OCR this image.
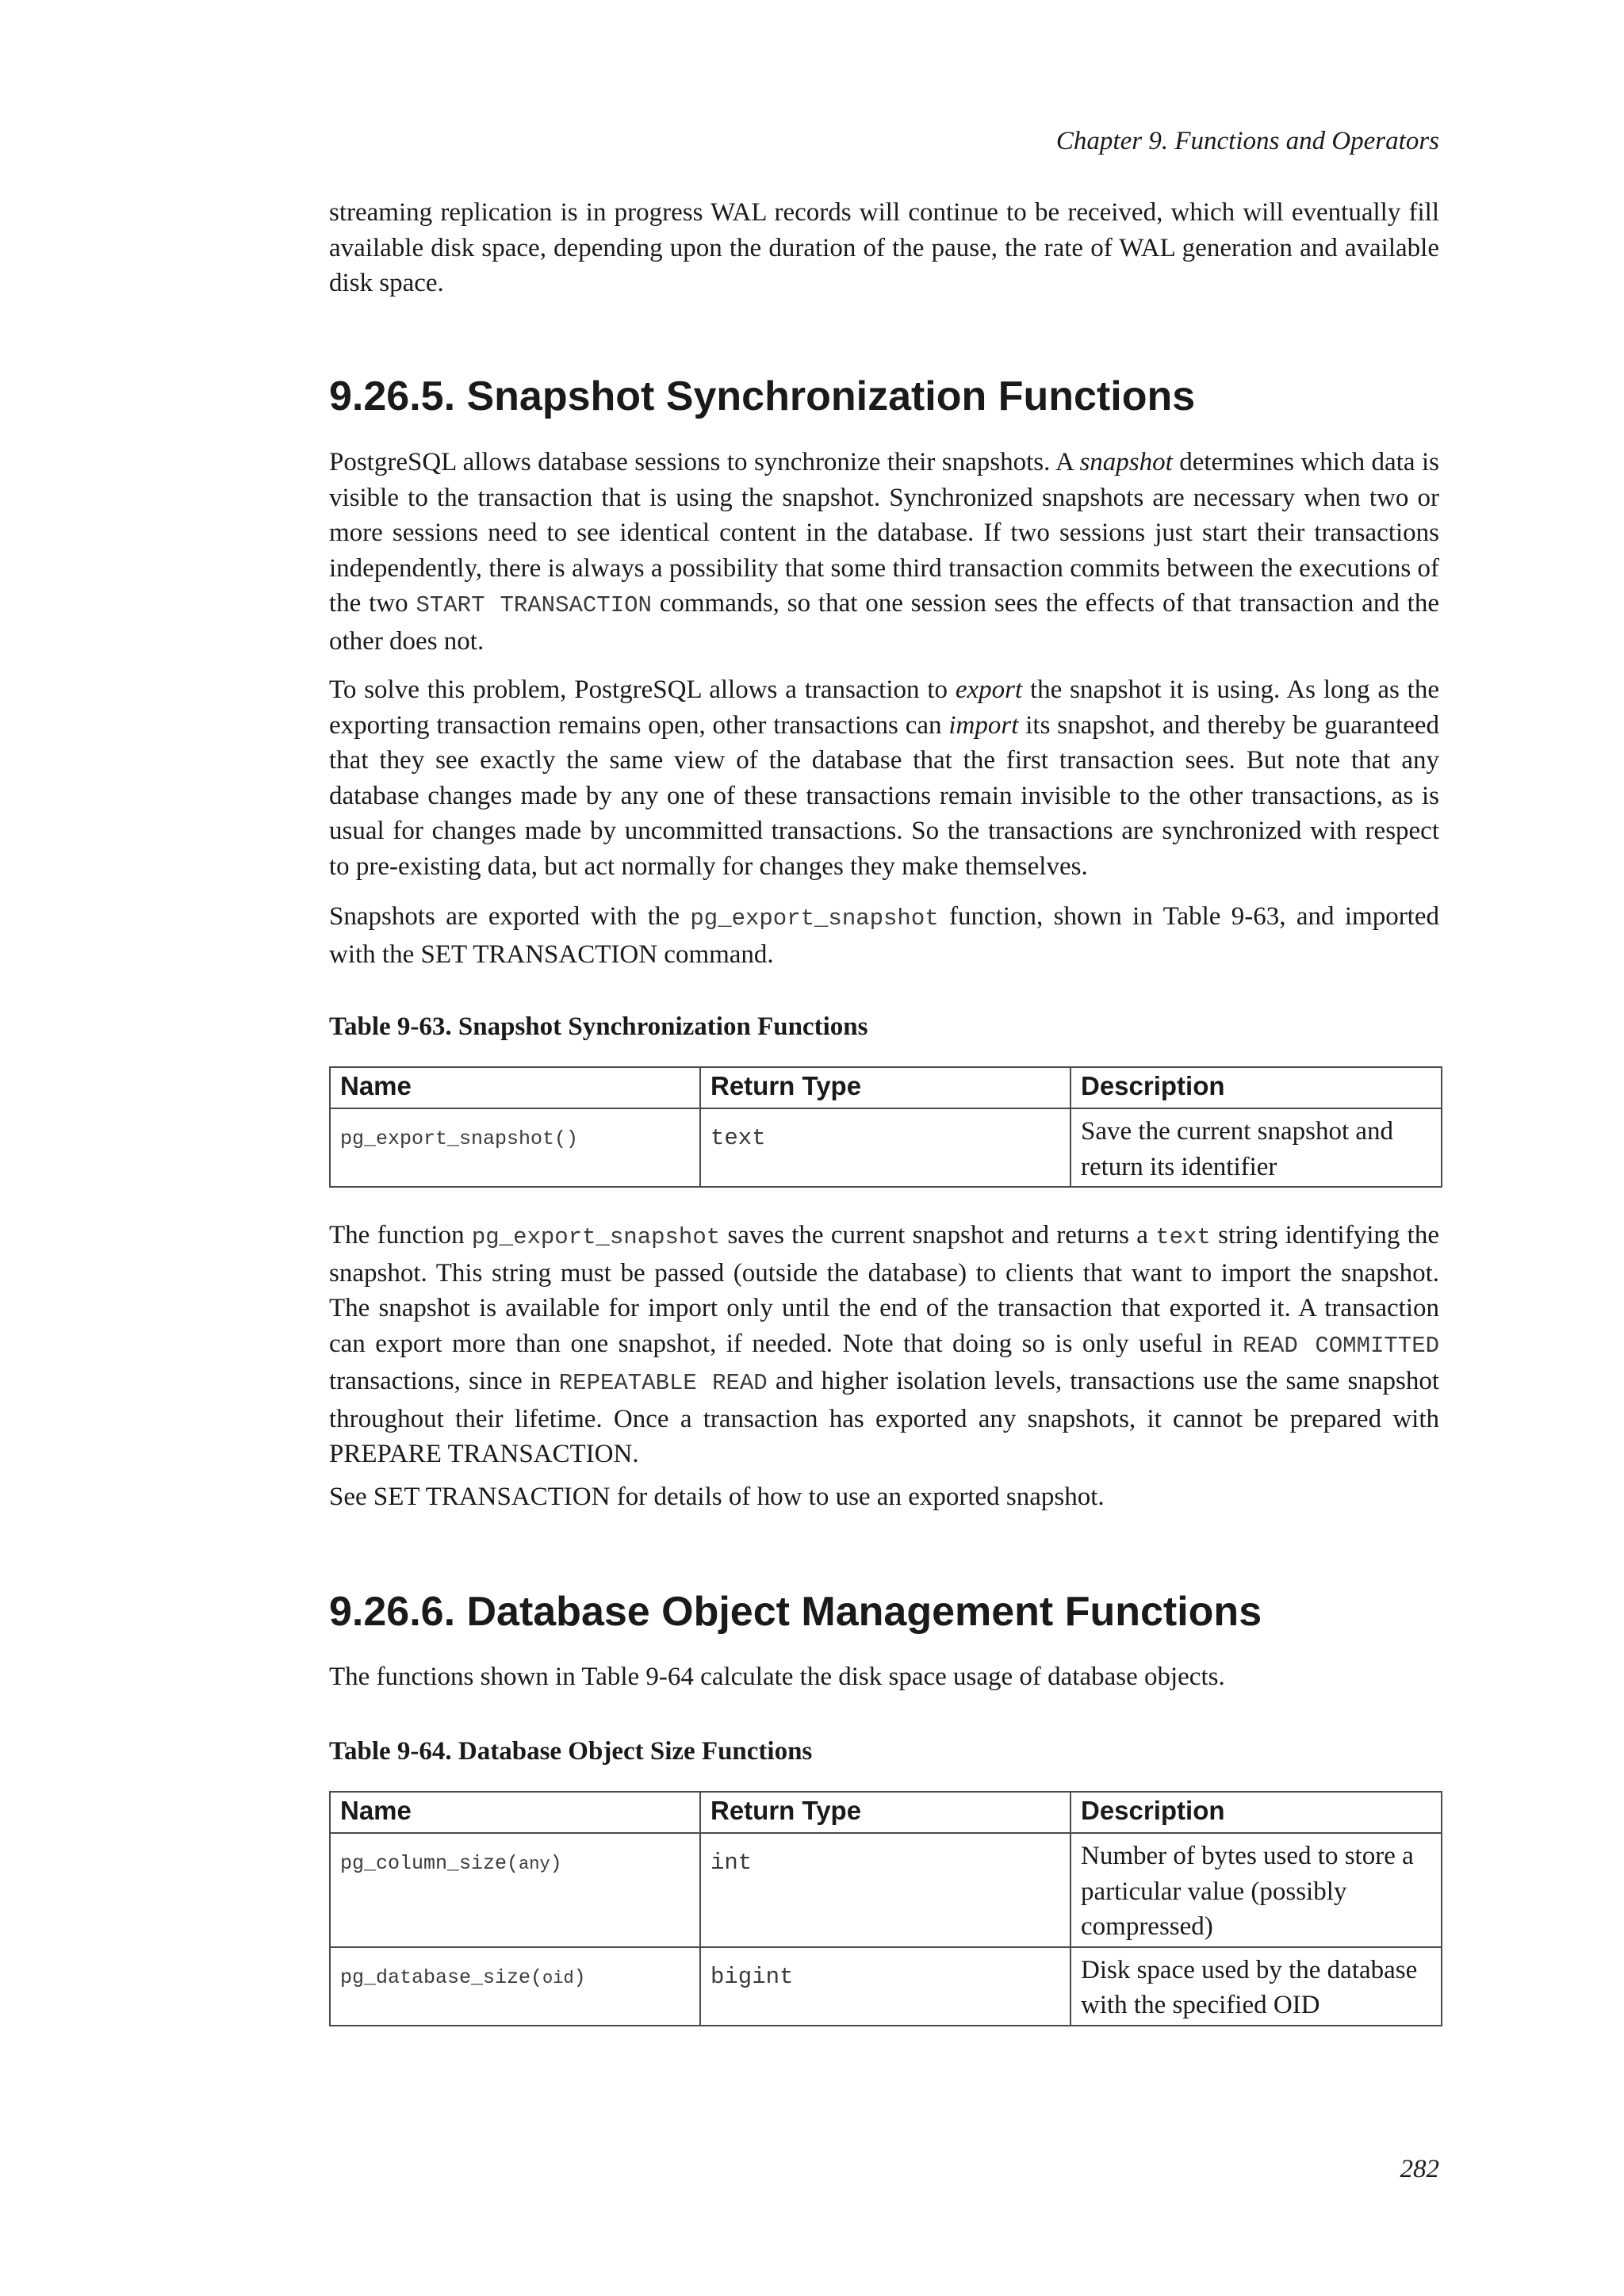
Chapter 9. Functions and Operators

streaming replication is in progress WAL records will continue to be received, which will eventually fill available disk space, depending upon the duration of the pause, the rate of WAL generation and available disk space.

9.26.5. Snapshot Synchronization Functions

PostgreSQL allows database sessions to synchronize their snapshots. A snapshot determines which data is visible to the transaction that is using the snapshot. Synchronized snapshots are necessary when two or more sessions need to see identical content in the database. If two sessions just start their transactions independently, there is always a possibility that some third transaction commits between the executions of the two START TRANSACTION commands, so that one session sees the effects of that transaction and the other does not.

To solve this problem, PostgreSQL allows a transaction to export the snapshot it is using. As long as the exporting transaction remains open, other transactions can import its snapshot, and thereby be guaranteed that they see exactly the same view of the database that the first transaction sees. But note that any database changes made by any one of these transactions remain invisible to the other transactions, as is usual for changes made by uncommitted transactions. So the transactions are synchronized with respect to pre-existing data, but act normally for changes they make themselves.

Snapshots are exported with the pg_export_snapshot function, shown in Table 9-63, and imported with the SET TRANSACTION command.

Table 9-63. Snapshot Synchronization Functions

Name	Return Type	Description
pg_export_snapshot()	text	Save the current snapshot and return its identifier

The function pg_export_snapshot saves the current snapshot and returns a text string identifying the snapshot. This string must be passed (outside the database) to clients that want to import the snapshot. The snapshot is available for import only until the end of the transaction that exported it. A transaction can export more than one snapshot, if needed. Note that doing so is only useful in READ COMMITTED transactions, since in REPEATABLE READ and higher isolation levels, transactions use the same snapshot throughout their lifetime. Once a transaction has exported any snapshots, it cannot be prepared with PREPARE TRANSACTION.

See SET TRANSACTION for details of how to use an exported snapshot.

9.26.6. Database Object Management Functions

The functions shown in Table 9-64 calculate the disk space usage of database objects.

Table 9-64. Database Object Size Functions

Name	Return Type	Description
pg_column_size(any)	int	Number of bytes used to store a particular value (possibly compressed)
pg_database_size(oid)	bigint	Disk space used by the database with the specified OID
282
